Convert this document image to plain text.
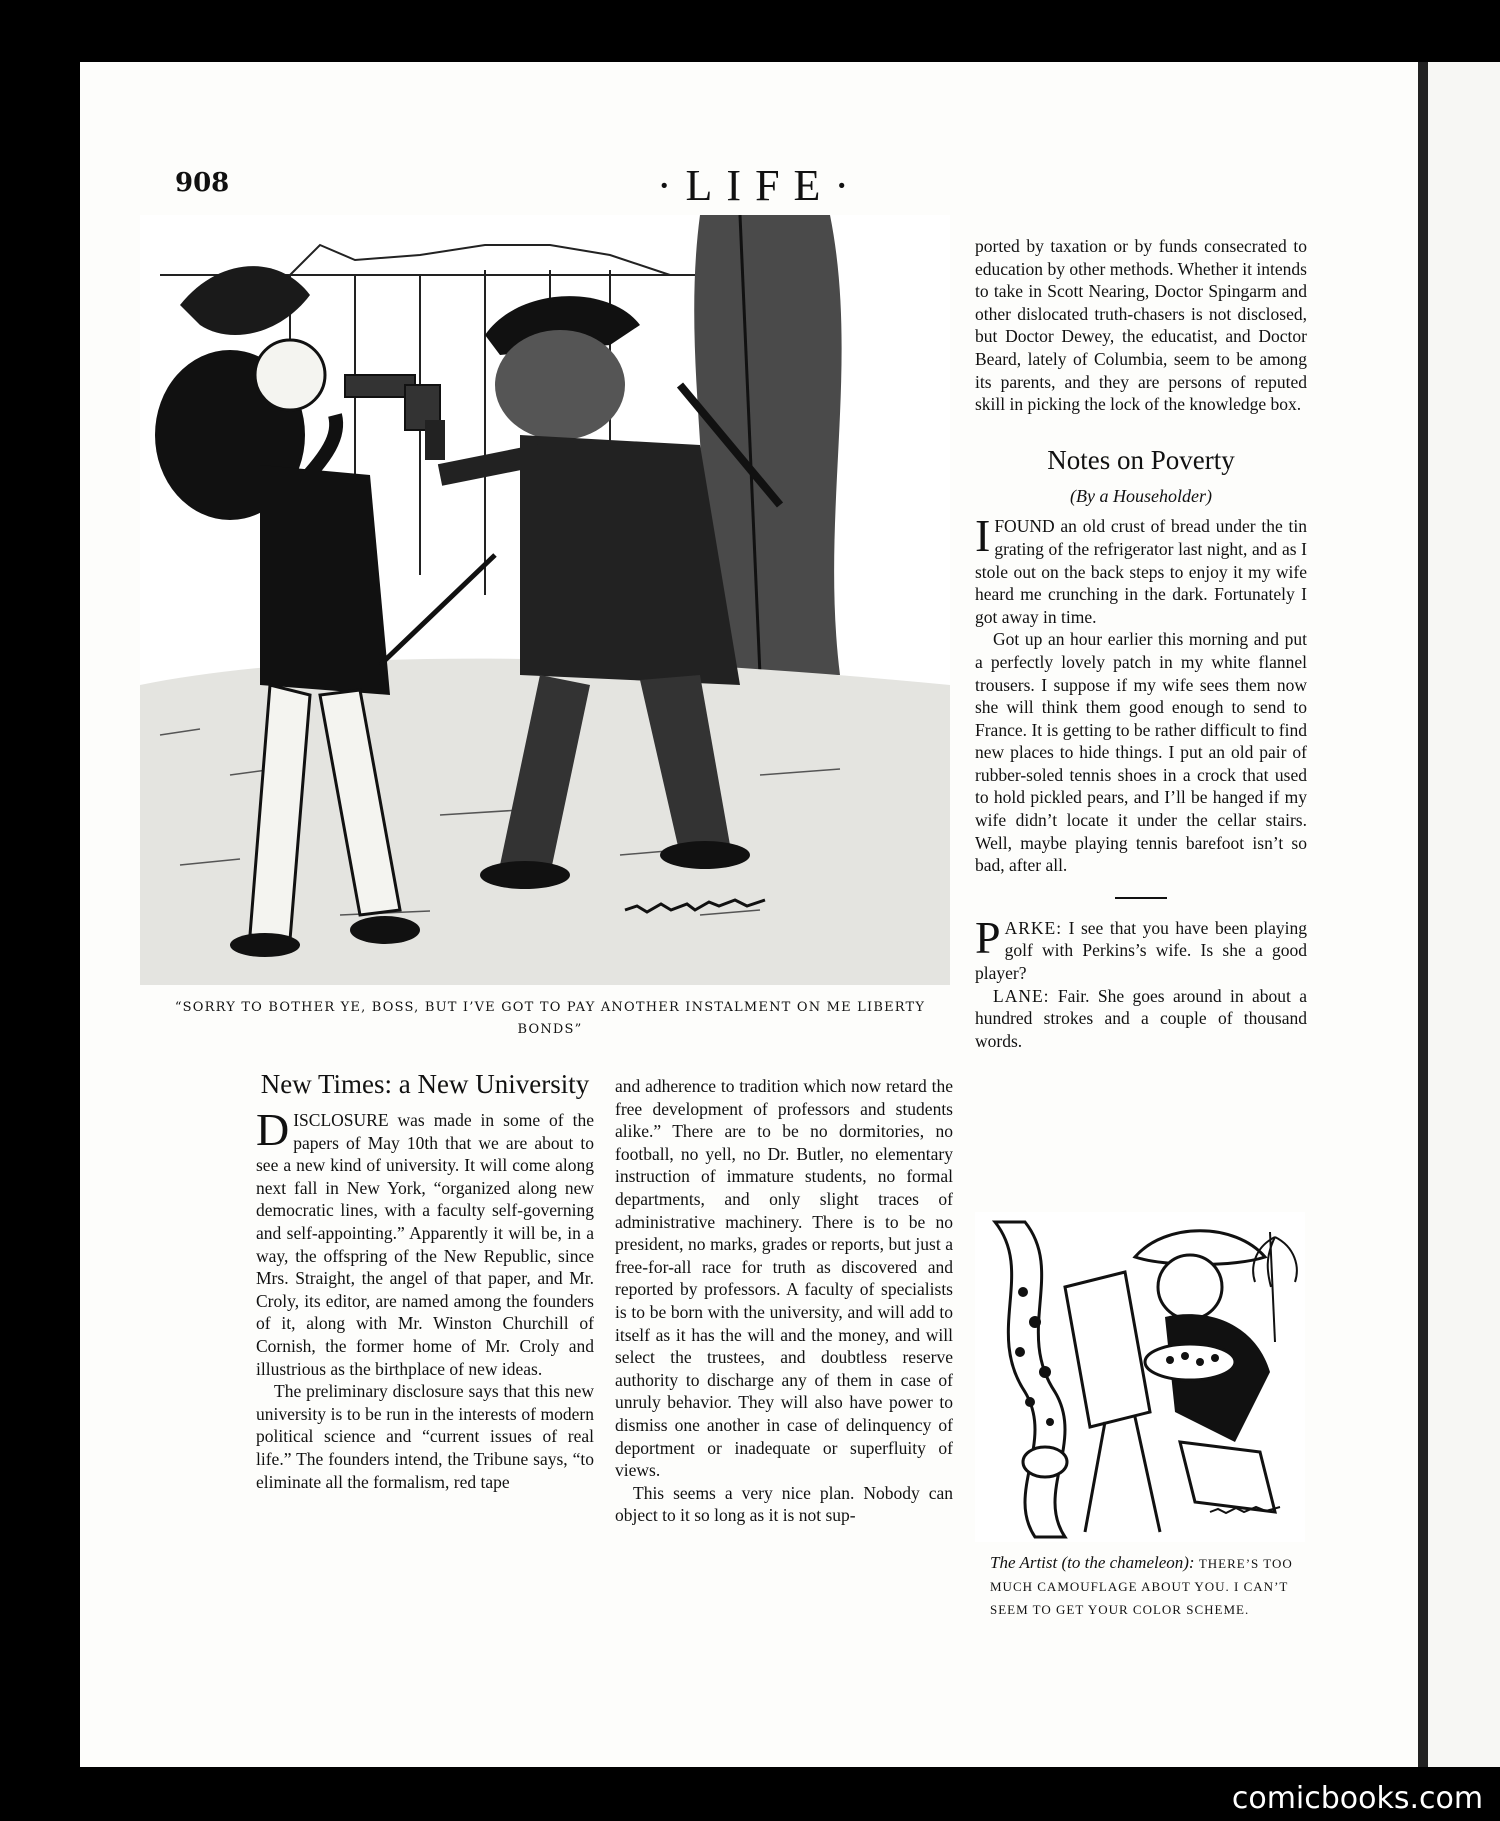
908	·LIFE·
“SORRY TO BOTHER YE, BOSS, BUT I’VE GOT TO PAY ANOTHER INSTALMENT ON ME LIBERTY BONDS”
New Times: a New University

DISCLOSURE was made in some of the papers of May 10th that we are about to see a new kind of university. It will come along next fall in New York, “organized along new democratic lines, with a faculty self-governing and self-appointing.” Apparently it will be, in a way, the offspring of the New Republic, since Mrs. Straight, the angel of that paper, and Mr. Croly, its editor, are named among the founders of it, along with Mr. Winston Churchill of Cornish, the former home of Mr. Croly and illustrious as the birthplace of new ideas.

The preliminary disclosure says that this new university is to be run in the interests of modern political science and “current issues of real life.” The founders intend, the Tribune says, “to eliminate all the formalism, red tape

and adherence to tradition which now retard the free development of professors and students alike.” There are to be no dormitories, no football, no yell, no Dr. Butler, no elementary instruction of immature students, no formal departments, and only slight traces of administrative machinery. There is to be no president, no marks, grades or reports, but just a free-for-all race for truth as discovered and reported by professors. A faculty of specialists is to be born with the university, and will add to itself as it has the will and the money, and will select the trustees, and doubtless reserve authority to discharge any of them in case of unruly behavior. They will also have power to dismiss one another in case of delinquency of deportment or inadequate or superfluity of views.

This seems a very nice plan. Nobody can object to it so long as it is not sup-

ported by taxation or by funds consecrated to education by other methods. Whether it intends to take in Scott Nearing, Doctor Spingarm and other dislocated truth-chasers is not disclosed, but Doctor Dewey, the educatist, and Doctor Beard, lately of Columbia, seem to be among its parents, and they are persons of reputed skill in picking the lock of the knowledge box.

Notes on Poverty
(By a Householder)

IFOUND an old crust of bread under the tin grating of the refrigerator last night, and as I stole out on the back steps to enjoy it my wife heard me crunching in the dark. Fortunately I got away in time.

Got up an hour earlier this morning and put a perfectly lovely patch in my white flannel trousers. I suppose if my wife sees them now she will think them good enough to send to France. It is getting to be rather difficult to find new places to hide things. I put an old pair of rubber-soled tennis shoes in a crock that used to hold pickled pears, and I’ll be hanged if my wife didn’t locate it under the cellar stairs. Well, maybe playing tennis barefoot isn’t so bad, after all.

PARKE: I see that you have been playing golf with Perkins’s wife. Is she a good player?

LANE: Fair. She goes around in about a hundred strokes and a couple of thousand words.

The Artist (to the chameleon): THERE’S TOO MUCH CAMOUFLAGE ABOUT YOU. I CAN’T SEEM TO GET YOUR COLOR SCHEME.
comicbooks.com
